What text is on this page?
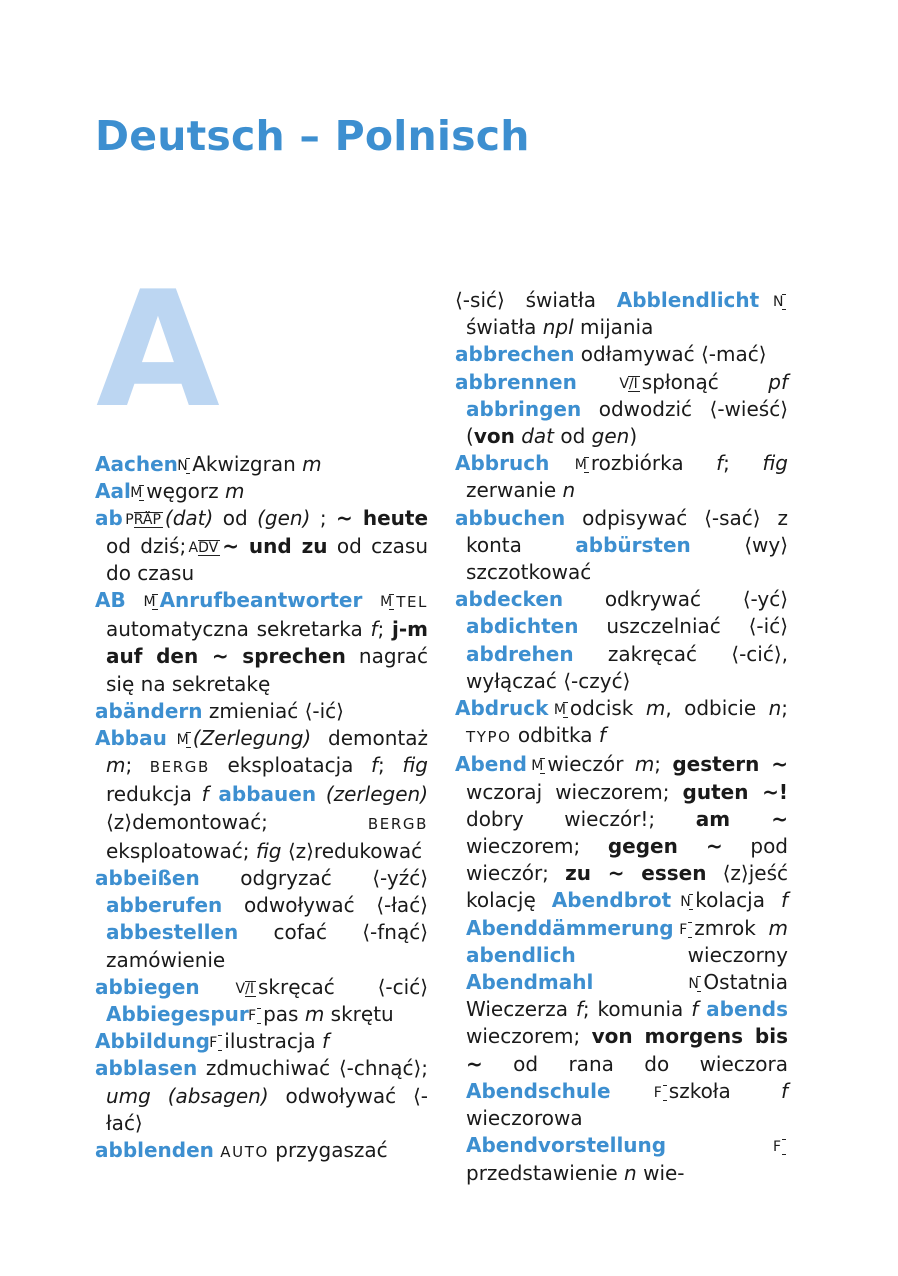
Deutsch – Polnisch
A
Aachen N Akwizgran m
Aal M węgorz m
ab PRÄP (dat) od (gen) ; ~ heute od dziś; ADV ~ und zu od czasu do czasu
AB M Anrufbeantworter M TEL automatyczna sekretarka f; j-m auf den ~ sprechen nagrać się na sekretakę
abändern zmieniać ⟨-ić⟩
Abbau M (Zerlegung) demontaż m; BERGB eksploatacja f; fig redukcja f abbauen (zerlegen) ⟨z⟩demontować; BERGB eksploatować; fig ⟨z⟩redukować
abbeißen odgryzać ⟨-yźć⟩ abberufen odwoływać ⟨-łać⟩ abbestellen cofać ⟨-fnąć⟩ zamówienie
abbiegen	V/I skręcać ⟨-cić⟩ Abbiegespur F pas m skrętu
Abbildung F ilustracja f
abblasen zdmuchiwać ⟨-chnąć⟩; umg (absagen) odwoływać ⟨-łać⟩
abblenden AUTO przygaszać
⟨-sić⟩ światła Abblendlicht Nświatła npl mijania
abbrechen odłamywać ⟨-mać⟩
abbrennen	V/I spłonąć pf abbringen odwodzić ⟨-wieść⟩ (von dat od gen)
Abbruch M rozbiórka f; fig zerwanie n
abbuchen odpisywać ⟨-sać⟩ z konta abbürsten ⟨wy⟩szczotkować
abdecken odkrywać ⟨-yć⟩ abdichten uszczelniać ⟨-ić⟩ abdrehen zakręcać ⟨-cić⟩, wyłączać ⟨-czyć⟩
Abdruck M odcisk m, odbicie n; TYPO odbitka f
Abend M wieczór m; gestern ~ wczoraj wieczorem; guten ~! dobry wieczór!; am ~ wieczorem; gegen ~ pod wieczór; zu ~ essen ⟨z⟩jeść kolację Abendbrot N kolacja f Abenddämmerung F zmrok m abendlich wieczorny Abendmahl	N Ostatnia Wieczerza f; komunia f abends wieczorem; von morgens bis ~ od rana do wieczora Abendschule	F szkoła f wieczorowa Abendvorstellung	Fprzedstawienie n wie-
